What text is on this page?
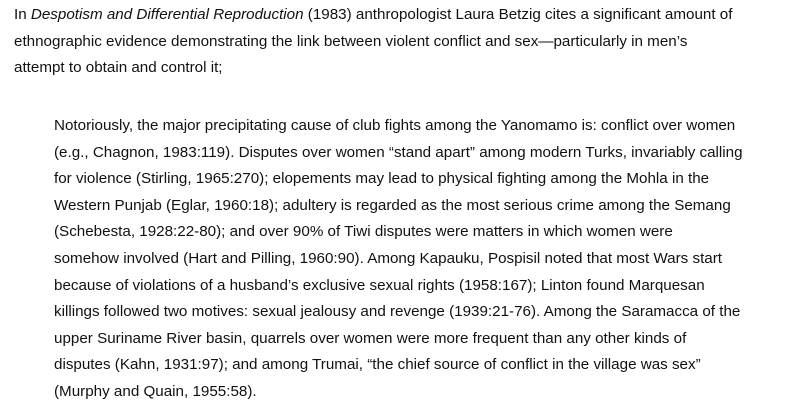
In Despotism and Differential Reproduction (1983) anthropologist Laura Betzig cites a significant amount of
ethnographic evidence demonstrating the link between violent conflict and sex—particularly in men’s
attempt to obtain and control it;

Notoriously, the major precipitating cause of club fights among the Yanomamo is: conflict over women
(e.g., Chagnon, 1983:119). Disputes over women “stand apart” among modern Turks, invariably calling
for violence (Stirling, 1965:270); elopements may lead to physical fighting among the Mohla in the
Western Punjab (Eglar, 1960:18); adultery is regarded as the most serious crime among the Semang
(Schebesta, 1928:22-80); and over 90% of Tiwi disputes were matters in which women were
somehow involved (Hart and Pilling, 1960:90). Among Kapauku, Pospisil noted that most Wars start
because of violations of a husband’s exclusive sexual rights (1958:167); Linton found Marquesan
killings followed two motives: sexual jealousy and revenge (1939:21-76). Among the Saramacca of the
upper Suriname River basin, quarrels over women were more frequent than any other kinds of
disputes (Kahn, 1931:97); and among Trumai, “the chief source of conflict in the village was sex”
(Murphy and Quain, 1955:58).
